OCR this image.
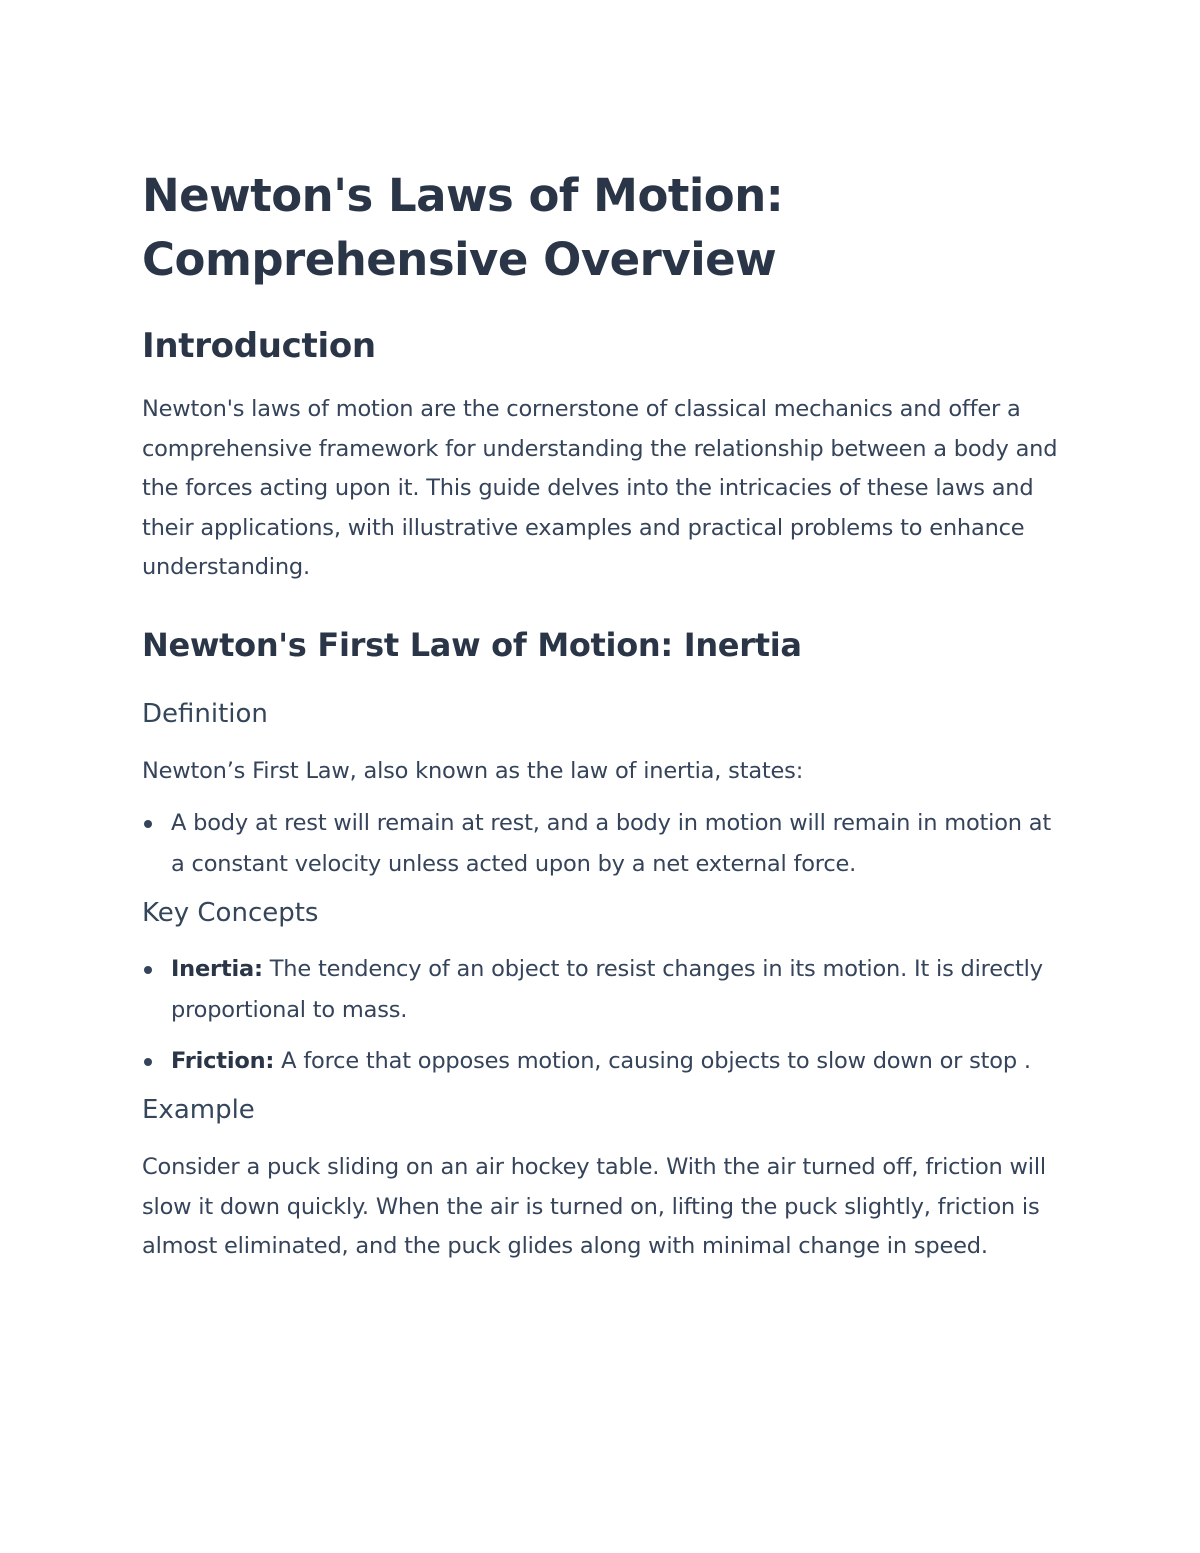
Newton's Laws of Motion:
Comprehensive Overview
Introduction

Newton's laws of motion are the cornerstone of classical mechanics and offer a comprehensive framework for understanding the relationship between a body and the forces acting upon it. This guide delves into the intricacies of these laws and their applications, with illustrative examples and practical problems to enhance understanding.

Newton's First Law of Motion: Inertia
Definition

Newton’s First Law, also known as the law of inertia, states:

A body at rest will remain at rest, and a body in motion will remain in motion at a constant velocity unless acted upon by a net external force.
Key Concepts
Inertia: The tendency of an object to resist changes in its motion. It is directly proportional to mass.
Friction: A force that opposes motion, causing objects to slow down or stop .
Example

Consider a puck sliding on an air hockey table. With the air turned off, friction will slow it down quickly. When the air is turned on, lifting the puck slightly, friction is almost eliminated, and the puck glides along with minimal change in speed.
